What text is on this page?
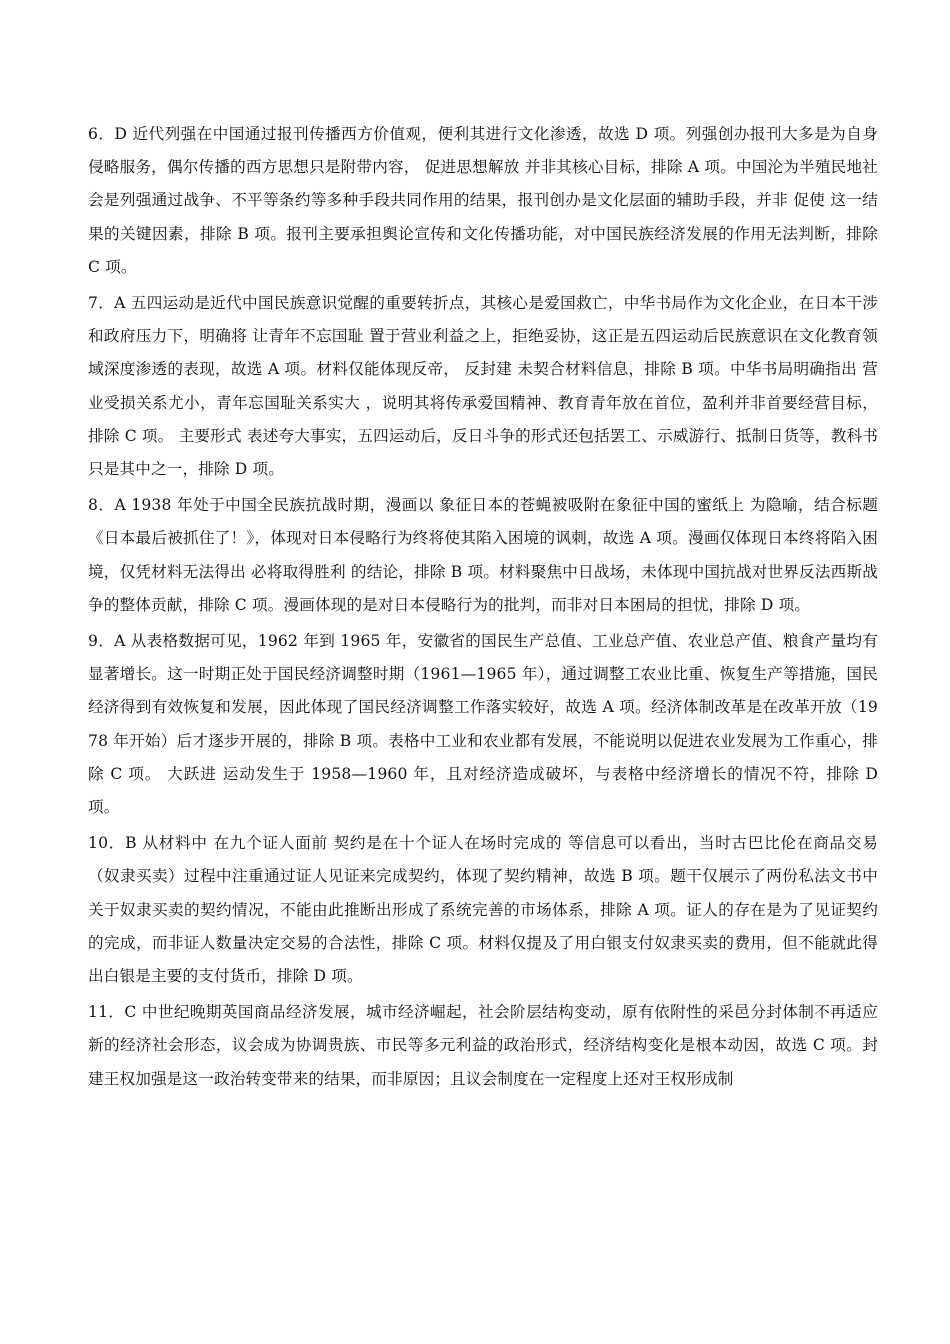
6．D 近代列强在中国通过报刊传播西方价值观，便利其进行文化渗透，故选 D 项。列强创办报刊大多是为自身侵略服务，偶尔传播的西方思想只是附带内容， 促进思想解放 并非其核心目标，排除 A 项。中国沦为半殖民地社会是列强通过战争、不平等条约等多种手段共同作用的结果，报刊创办是文化层面的辅助手段，并非 促使 这一结果的关键因素，排除 B 项。报刊主要承担舆论宣传和文化传播功能，对中国民族经济发展的作用无法判断，排除 C 项。

7．A 五四运动是近代中国民族意识觉醒的重要转折点，其核心是爱国救亡，中华书局作为文化企业，在日本干涉和政府压力下，明确将 让青年不忘国耻 置于营业利益之上，拒绝妥协，这正是五四运动后民族意识在文化教育领域深度渗透的表现，故选 A 项。材料仅能体现反帝， 反封建 未契合材料信息，排除 B 项。中华书局明确指出 营业受损关系尤小，青年忘国耻关系实大 ，说明其将传承爱国精神、教育青年放在首位，盈利并非首要经营目标，排除 C 项。 主要形式 表述夸大事实，五四运动后，反日斗争的形式还包括罢工、示威游行、抵制日货等，教科书只是其中之一，排除 D 项。

8．A 1938 年处于中国全民族抗战时期，漫画以 象征日本的苍蝇被吸附在象征中国的蜜纸上 为隐喻，结合标题《日本最后被抓住了！》，体现对日本侵略行为终将使其陷入困境的讽刺，故选 A 项。漫画仅体现日本终将陷入困境，仅凭材料无法得出 必将取得胜利 的结论，排除 B 项。材料聚焦中日战场，未体现中国抗战对世界反法西斯战争的整体贡献，排除 C 项。漫画体现的是对日本侵略行为的批判，而非对日本困局的担忧，排除 D 项。

9．A 从表格数据可见，1962 年到 1965 年，安徽省的国民生产总值、工业总产值、农业总产值、粮食产量均有显著增长。这一时期正处于国民经济调整时期（1961—1965 年），通过调整工农业比重、恢复生产等措施，国民经济得到有效恢复和发展，因此体现了国民经济调整工作落实较好，故选 A 项。经济体制改革是在改革开放（1978 年开始）后才逐步开展的，排除 B 项。表格中工业和农业都有发展，不能说明以促进农业发展为工作重心，排除 C 项。 大跃进 运动发生于 1958—1960 年，且对经济造成破坏，与表格中经济增长的情况不符，排除 D 项。

10．B 从材料中 在九个证人面前 契约是在十个证人在场时完成的 等信息可以看出，当时古巴比伦在商品交易（奴隶买卖）过程中注重通过证人见证来完成契约，体现了契约精神，故选 B 项。题干仅展示了两份私法文书中关于奴隶买卖的契约情况，不能由此推断出形成了系统完善的市场体系，排除 A 项。证人的存在是为了见证契约的完成，而非证人数量决定交易的合法性，排除 C 项。材料仅提及了用白银支付奴隶买卖的费用，但不能就此得出白银是主要的支付货币，排除 D 项。

11．C 中世纪晚期英国商品经济发展，城市经济崛起，社会阶层结构变动，原有依附性的采邑分封体制不再适应新的经济社会形态，议会成为协调贵族、市民等多元利益的政治形式，经济结构变化是根本动因，故选 C 项。封建王权加强是这一政治转变带来的结果，而非原因；且议会制度在一定程度上还对王权形成制
